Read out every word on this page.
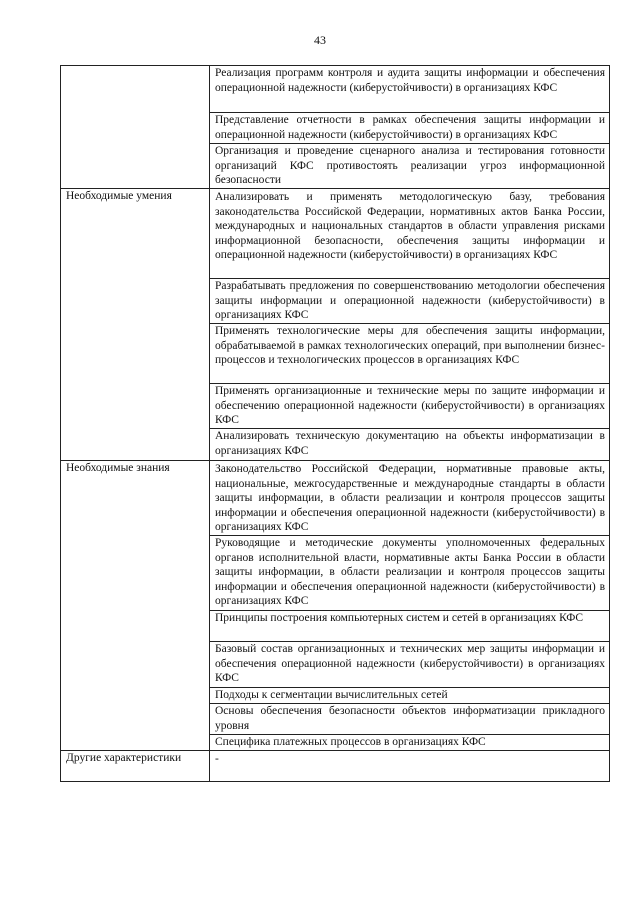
43
	Реализация программ контроля и аудита защиты информации и обеспечения операционной надежности (киберустойчивости) в организациях КФС
	Представление отчетности в рамках обеспечения защиты информации и операционной надежности (киберустойчивости) в организациях КФС
	Организация и проведение сценарного анализа и тестирования готовности организаций КФС противостоять реализации угроз информационной безопасности
Необходимые умения	Анализировать и применять методологическую базу, требования законодательства Российской Федерации, нормативных актов Банка России, международных и национальных стандартов в области управления рисками информационной безопасности, обеспечения защиты информации и операционной надежности (киберустойчивости) в организациях КФС
	Разрабатывать предложения по совершенствованию методологии обеспечения защиты информации и операционной надежности (киберустойчивости) в организациях КФС
	Применять технологические меры для обеспечения защиты информации, обрабатываемой в рамках технологических операций, при выполнении бизнес-процессов и технологических процессов в организациях КФС
	Применять организационные и технические меры по защите информации и обеспечению операционной надежности (киберустойчивости) в организациях КФС
	Анализировать техническую документацию на объекты информатизации в организациях КФС
Необходимые знания	Законодательство Российской Федерации, нормативные правовые акты, национальные, межгосударственные и международные стандарты в области защиты информации, в области реализации и контроля процессов защиты информации и обеспечения операционной надежности (киберустойчивости) в организациях КФС
	Руководящие и методические документы уполномоченных федеральных органов исполнительной власти, нормативные акты Банка России в области защиты информации, в области реализации и контроля процессов защиты информации и обеспечения операционной надежности (киберустойчивости) в организациях КФС
	Принципы построения компьютерных систем и сетей в организациях КФС
	Базовый состав организационных и технических мер защиты информации и обеспечения операционной надежности (киберустойчивости) в организациях КФС
	Подходы к сегментации вычислительных сетей
	Основы обеспечения безопасности объектов информатизации прикладного уровня
	Специфика платежных процессов в организациях КФС
Другие характеристики	-
